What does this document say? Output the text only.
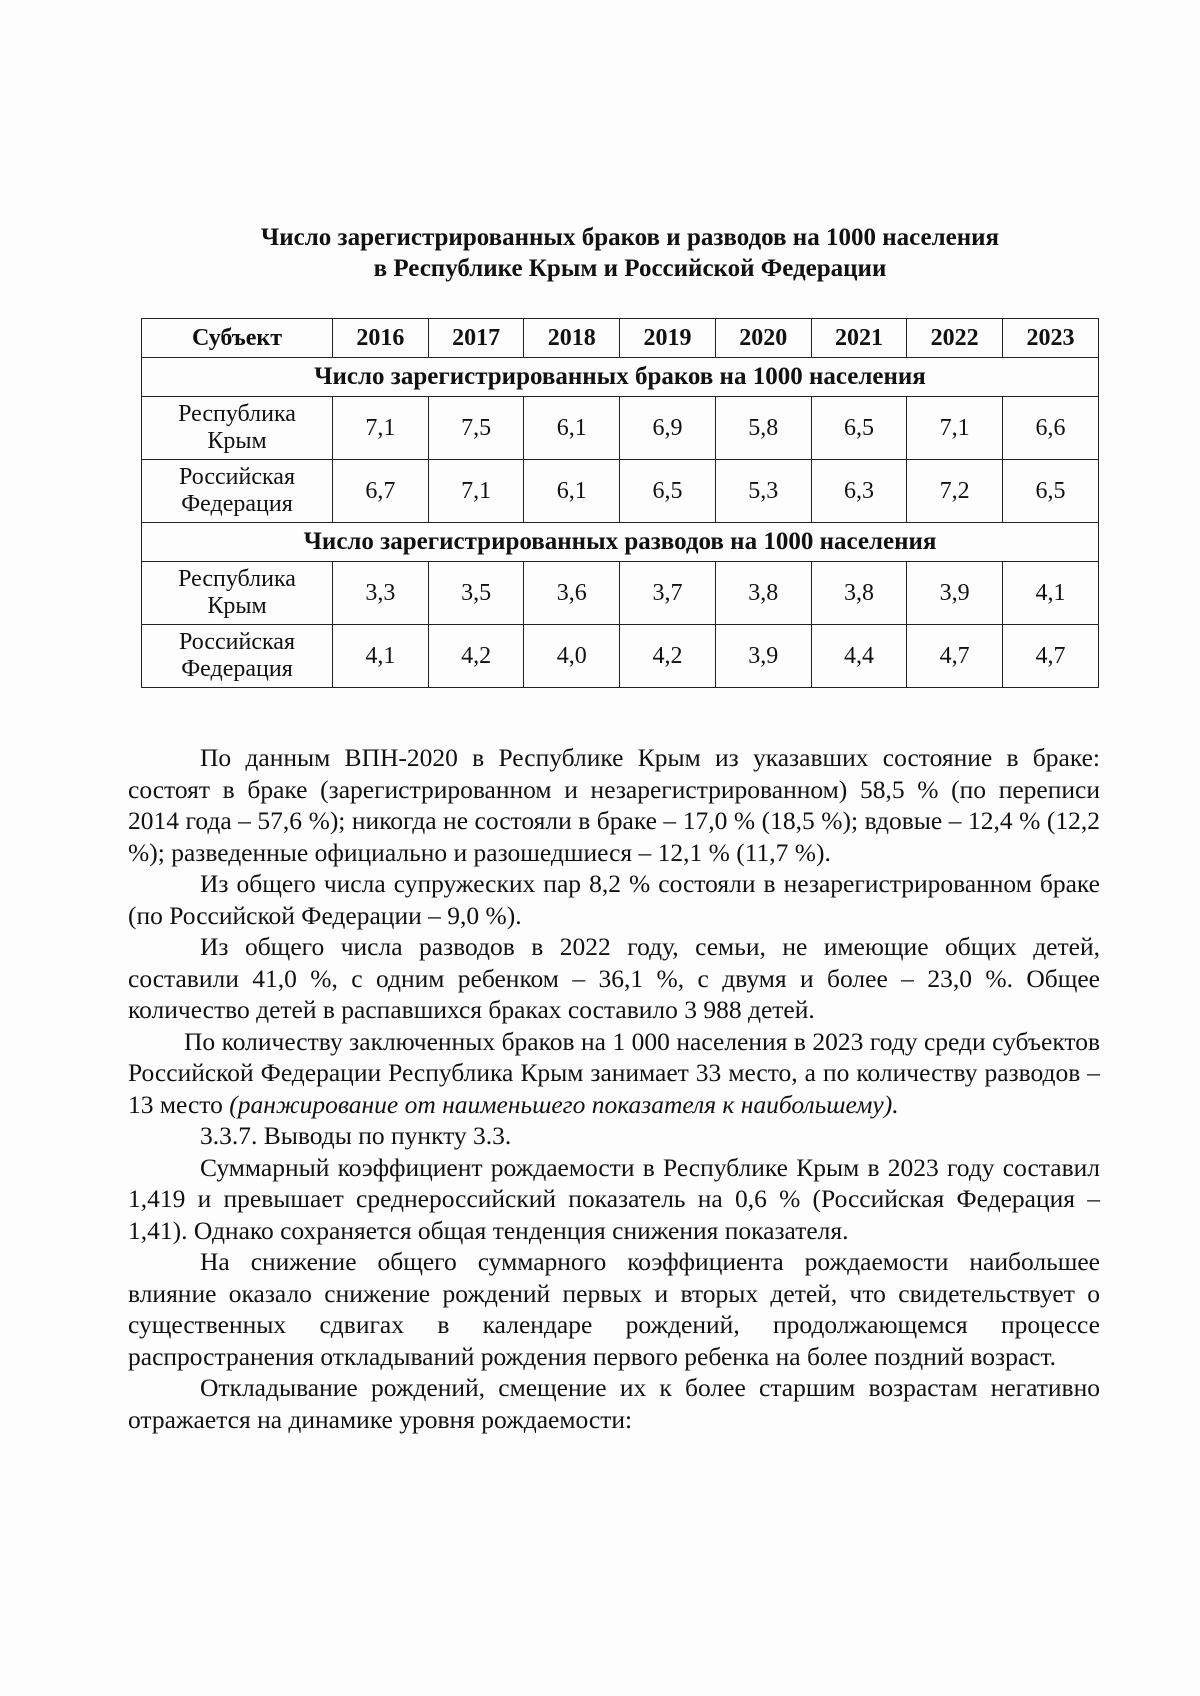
Число зарегистрированных браков и разводов на 1000 населения
в Республике Крым и Российской Федерации
Субъект	2016	2017	2018	2019	2020	2021	2022	2023
Число зарегистрированных браков на 1000 населения								

Республика
Крым	7,1	7,5	6,1	6,9	5,8	6,5	7,1	6,6

Российская
Федерация	6,7	7,1	6,1	6,5	5,3	6,3	7,2	6,5
Число зарегистрированных разводов на 1000 населения								

Республика
Крым	3,3	3,5	3,6	3,7	3,8	3,8	3,9	4,1

Российская
Федерация	4,1	4,2	4,0	4,2	3,9	4,4	4,7	4,7

По данным ВПН-2020 в Республике Крым из указавших состояние в браке: состоят в браке (зарегистрированном и незарегистрированном) 58,5 % (по переписи 2014 года – 57,6 %); никогда не состояли в браке – 17,0 % (18,5 %); вдовые – 12,4 % (12,2 %); разведенные официально и разошедшиеся – 12,1 % (11,7 %).

Из общего числа супружеских пар 8,2 % состояли в незарегистрированном браке (по Российской Федерации – 9,0 %).

Из общего числа разводов в 2022 году, семьи, не имеющие общих детей, составили 41,0 %, с одним ребенком – 36,1 %, с двумя и более – 23,0 %. Общее количество детей в распавшихся браках составило 3 988 детей.

По количеству заключенных браков на 1 000 населения в 2023 году среди субъектов Российской Федерации Республика Крым занимает 33 место, а по количеству разводов – 13 место (ранжирование от наименьшего показателя к наибольшему).

3.3.7. Выводы по пункту 3.3.

Суммарный коэффициент рождаемости в Республике Крым в 2023 году составил 1,419 и превышает среднероссийский показатель на 0,6 % (Российская Федерация – 1,41). Однако сохраняется общая тенденция снижения показателя.

На снижение общего суммарного коэффициента рождаемости наибольшее влияние оказало снижение рождений первых и вторых детей, что свидетельствует о существенных сдвигах в календаре рождений, продолжающемся процессе распространения откладываний рождения первого ребенка на более поздний возраст.

Откладывание рождений, смещение их к более старшим возрастам негативно отражается на динамике уровня рождаемости:
